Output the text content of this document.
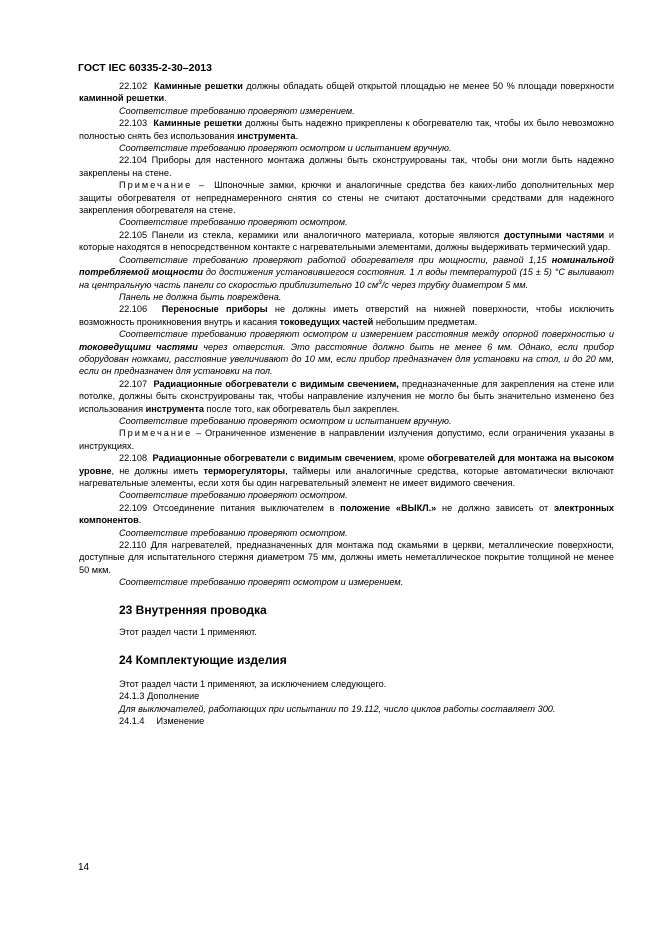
ГОСТ IEC 60335-2-30–2013

22.102 Каминные решетки должны обладать общей открытой площадью не менее 50 % площади поверхности каминной решетки.

Соответствие требованию проверяют измерением.

22.103 Каминные решетки должны быть надежно прикреплены к обогревателю так, чтобы их было невозможно полностью снять без использования инструмента.

Соответствие требованию проверяют осмотром и испытанием вручную.

22.104 Приборы для настенного монтажа должны быть сконструированы так, чтобы они могли быть надежно закреплены на стене.

Примечание – Шпоночные замки, крючки и аналогичные средства без каких-либо дополнительных мер защиты обогревателя от непреднамеренного снятия со стены не считают достаточными средствами для надежного закрепления обогревателя на стене.

Соответствие требованию проверяют осмотром.

22.105 Панели из стекла, керамики или аналогичного материала, которые являются доступными частями и которые находятся в непосредственном контакте с нагревательными элементами, должны выдерживать термический удар.

Соответствие требованию проверяют работой обогревателя при мощности, равной 1,15 номинальной потребляемой мощности до достижения установившегося состояния. 1 л воды температурой (15 ± 5) °С выливают на центральную часть панели со скоростью приблизительно 10 $см^3/с$ через трубку диаметром 5 мм.

Панель не должна быть повреждена.

22.106 Переносные приборы не должны иметь отверстий на нижней поверхности, чтобы исключить возможность проникновения внутрь и касания токоведущих частей небольшим предметам.

Соответствие требованию проверяют осмотром и измерением расстояния между опорной поверхностью и токоведущими частями через отверстия. Это расстояние должно быть не менее 6 мм. Однако, если прибор оборудован ножками, расстояние увеличивают до 10 мм, если прибор предназначен для установки на стол, и до 20 мм, если он предназначен для установки на пол.

22.107 Радиационные обогреватели с видимым свечением, предназначенные для закрепления на стене или потолке, должны быть сконструированы так, чтобы направление излучения не могло бы быть значительно изменено без использования инструмента после того, как обогреватель был закреплен.

Соответствие требованию проверяют осмотром и испытанием вручную.

Примечание – Ограниченное изменение в направлении излучения допустимо, если ограничения указаны в инструкциях.

22.108 Радиационные обогреватели с видимым свечением, кроме обогревателей для монтажа на высоком уровне, не должны иметь терморегуляторы, таймеры или аналогичные средства, которые автоматически включают нагревательные элементы, если хотя бы один нагревательный элемент не имеет видимого свечения.

Соответствие требованию проверяют осмотром.

22.109 Отсоединение питания выключателем в положение «ВЫКЛ.» не должно зависеть от электронных компонентов.

Соответствие требованию проверяют осмотром.

22.110 Для нагревателей, предназначенных для монтажа под скамьями в церкви, металлические поверхности, доступные для испытательного стержня диаметром 75 мм, должны иметь неметаллическое покрытие толщиной не менее 50 мкм.

Соответствие требованию проверят осмотром и измерением.

23 Внутренняя проводка

Этот раздел части 1 применяют.

24 Комплектующие изделия

Этот раздел части 1 применяют, за исключением следующего.

24.1.3 Дополнение

Для выключателей, работающих при испытании по 19.112, число циклов работы составляет 300.

24.1.4 Изменение

14
